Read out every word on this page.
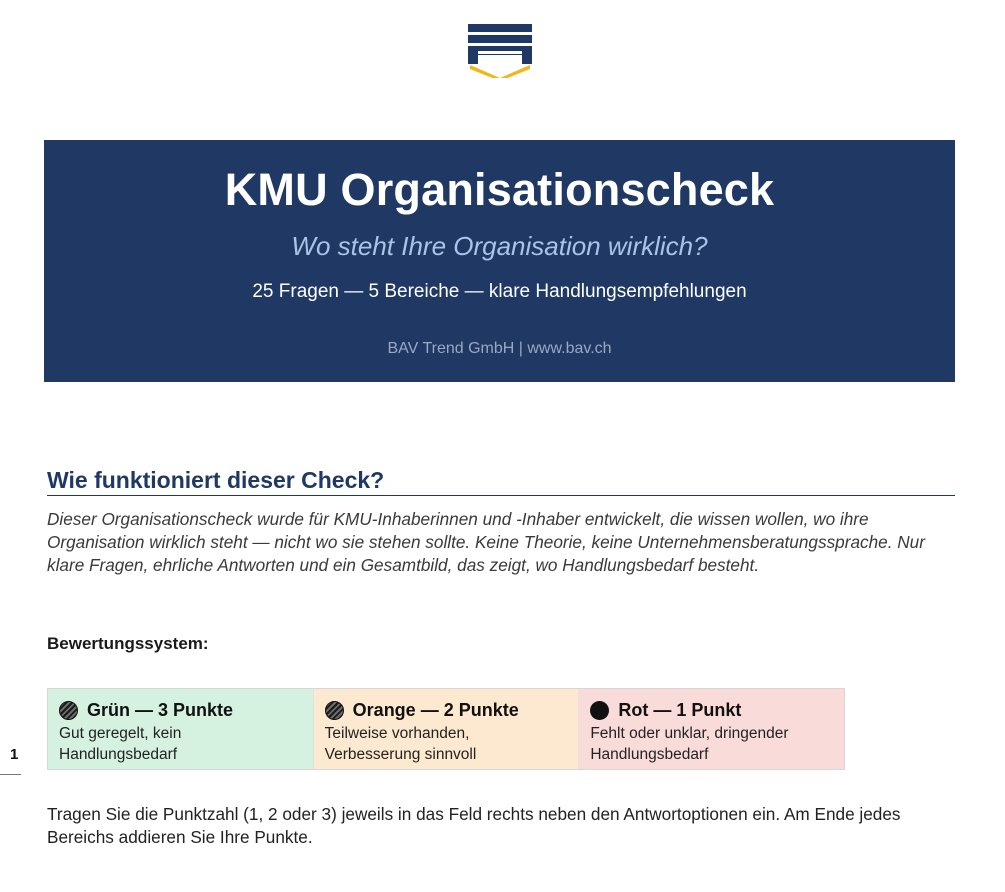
KMU Organisationscheck
Wo steht Ihre Organisation wirklich?
25 Fragen — 5 Bereiche — klare Handlungsempfehlungen
BAV Trend GmbH | www.bav.ch
Wie funktioniert dieser Check?
Dieser Organisationscheck wurde für KMU-Inhaberinnen und -Inhaber entwickelt, die wissen wollen, wo ihre Organisation wirklich steht — nicht wo sie stehen sollte. Keine Theorie, keine Unternehmensberatungssprache. Nur klare Fragen, ehrliche Antworten und ein Gesamtbild, das zeigt, wo Handlungsbedarf besteht.
Bewertungssystem:
Grün — 3 Punkte
Gut geregelt, kein
Handlungsbedarf
Orange — 2 Punkte
Teilweise vorhanden,
Verbesserung sinnvoll
Rot — 1 Punkt
Fehlt oder unklar, dringender
Handlungsbedarf
1
Tragen Sie die Punktzahl (1, 2 oder 3) jeweils in das Feld rechts neben den Antwortoptionen ein. Am Ende jedes Bereichs addieren Sie Ihre Punkte.
